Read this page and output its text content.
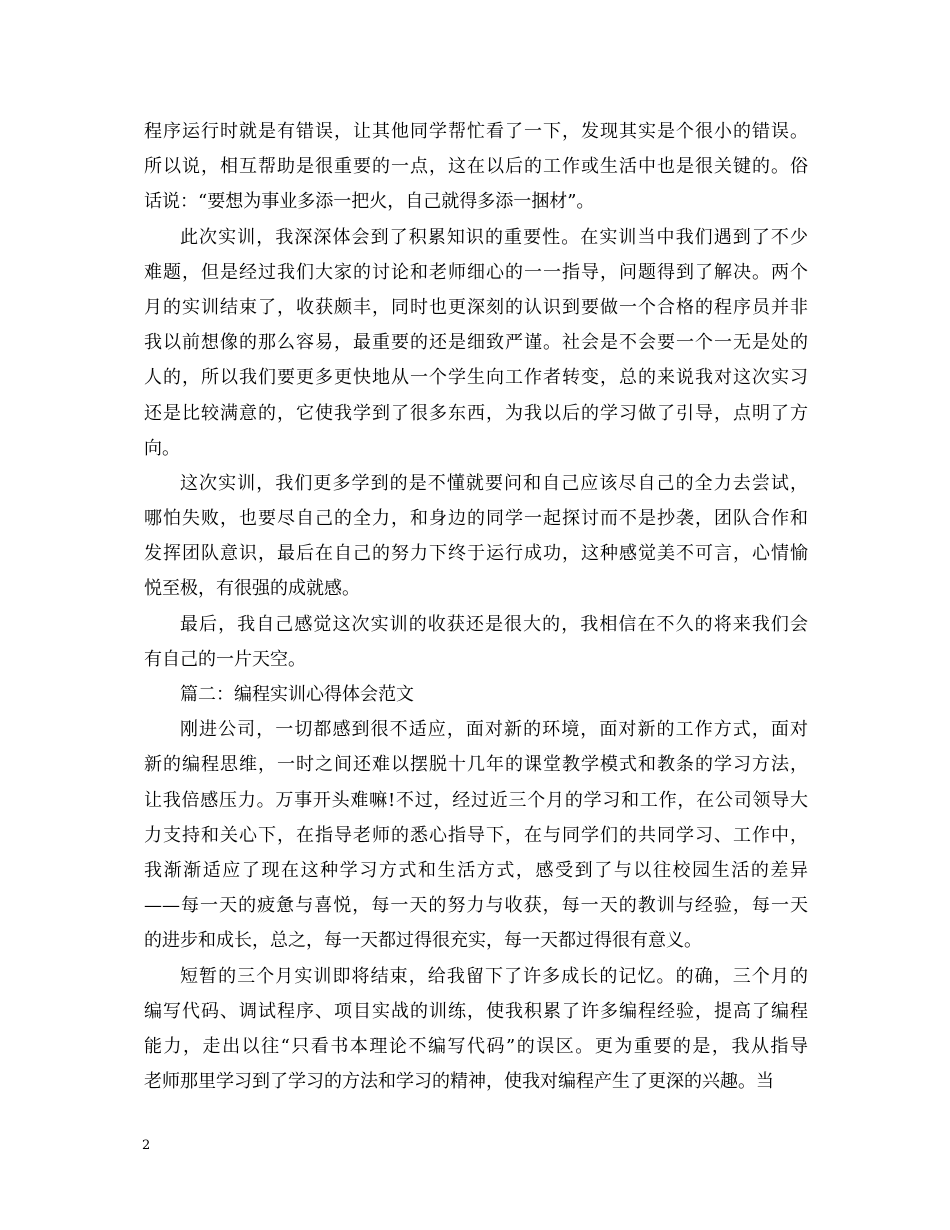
程序运行时就是有错误，让其他同学帮忙看了一下，发现其实是个很小的错误。
所以说，相互帮助是很重要的一点，这在以后的工作或生活中也是很关键的。俗
话说：“要想为事业多添一把火，自己就得多添一捆材”。
此次实训，我深深体会到了积累知识的重要性。在实训当中我们遇到了不少
难题，但是经过我们大家的讨论和老师细心的一一指导，问题得到了解决。两个
月的实训结束了，收获颇丰，同时也更深刻的认识到要做一个合格的程序员并非
我以前想像的那么容易，最重要的还是细致严谨。社会是不会要一个一无是处的
人的，所以我们要更多更快地从一个学生向工作者转变，总的来说我对这次实习
还是比较满意的，它使我学到了很多东西，为我以后的学习做了引导，点明了方
向。
这次实训，我们更多学到的是不懂就要问和自己应该尽自己的全力去尝试，
哪怕失败，也要尽自己的全力，和身边的同学一起探讨而不是抄袭，团队合作和
发挥团队意识，最后在自己的努力下终于运行成功，这种感觉美不可言，心情愉
悦至极，有很强的成就感。
最后，我自己感觉这次实训的收获还是很大的，我相信在不久的将来我们会
有自己的一片天空。
篇二：编程实训心得体会范文
刚进公司，一切都感到很不适应，面对新的环境，面对新的工作方式，面对
新的编程思维，一时之间还难以摆脱十几年的课堂教学模式和教条的学习方法，
让我倍感压力。万事开头难嘛!不过，经过近三个月的学习和工作，在公司领导大
力支持和关心下，在指导老师的悉心指导下，在与同学们的共同学习、工作中，
我渐渐适应了现在这种学习方式和生活方式，感受到了与以往校园生活的差异
——每一天的疲惫与喜悦，每一天的努力与收获，每一天的教训与经验，每一天
的进步和成长，总之，每一天都过得很充实，每一天都过得很有意义。
短暂的三个月实训即将结束，给我留下了许多成长的记忆。的确，三个月的
编写代码、调试程序、项目实战的训练，使我积累了许多编程经验，提高了编程
能力，走出以往“只看书本理论不编写代码”的误区。更为重要的是，我从指导
老师那里学习到了学习的方法和学习的精神，使我对编程产生了更深的兴趣。当
2
